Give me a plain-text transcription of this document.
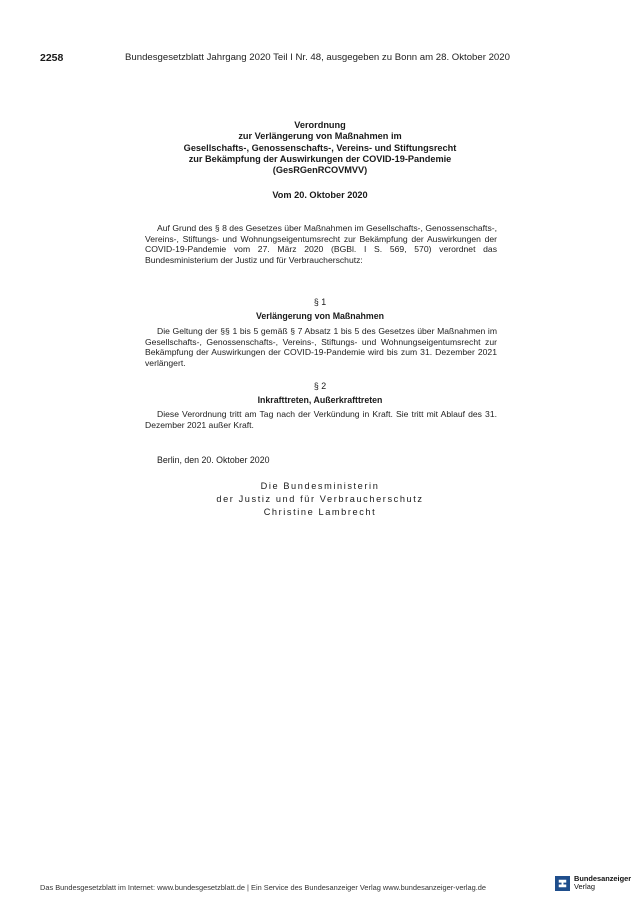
2258	Bundesgesetzblatt Jahrgang 2020 Teil I Nr. 48, ausgegeben zu Bonn am 28. Oktober 2020
Verordnung
zur Verlängerung von Maßnahmen im
Gesellschafts-, Genossenschafts-, Vereins- und Stiftungsrecht
zur Bekämpfung der Auswirkungen der COVID-19-Pandemie
(GesRGenRCOVMVV)
Vom 20. Oktober 2020

Auf Grund des § 8 des Gesetzes über Maßnahmen im Gesellschafts-, Genossenschafts-, Vereins-, Stiftungs- und Wohnungseigentumsrecht zur Bekämpfung der Auswirkungen der COVID-19-Pandemie vom 27. März 2020 (BGBl. I S. 569, 570) verordnet das Bundesministerium der Justiz und für Verbraucherschutz:

§ 1
Verlängerung von Maßnahmen

Die Geltung der §§ 1 bis 5 gemäß § 7 Absatz 1 bis 5 des Gesetzes über Maßnahmen im Gesellschafts-, Genossenschafts-, Vereins-, Stiftungs- und Wohnungseigentumsrecht zur Bekämpfung der Auswirkungen der COVID-19-Pandemie wird bis zum 31. Dezember 2021 verlängert.

§ 2
Inkrafttreten, Außerkrafttreten

Diese Verordnung tritt am Tag nach der Verkündung in Kraft. Sie tritt mit Ablauf des 31. Dezember 2021 außer Kraft.

Berlin, den 20. Oktober 2020
Die Bundesministerin
der Justiz und für Verbraucherschutz
Christine Lambrecht
Das Bundesgesetzblatt im Internet: www.bundesgesetzblatt.de | Ein Service des Bundesanzeiger Verlag www.bundesanzeiger-verlag.de
Bundesanzeiger
Verlag
